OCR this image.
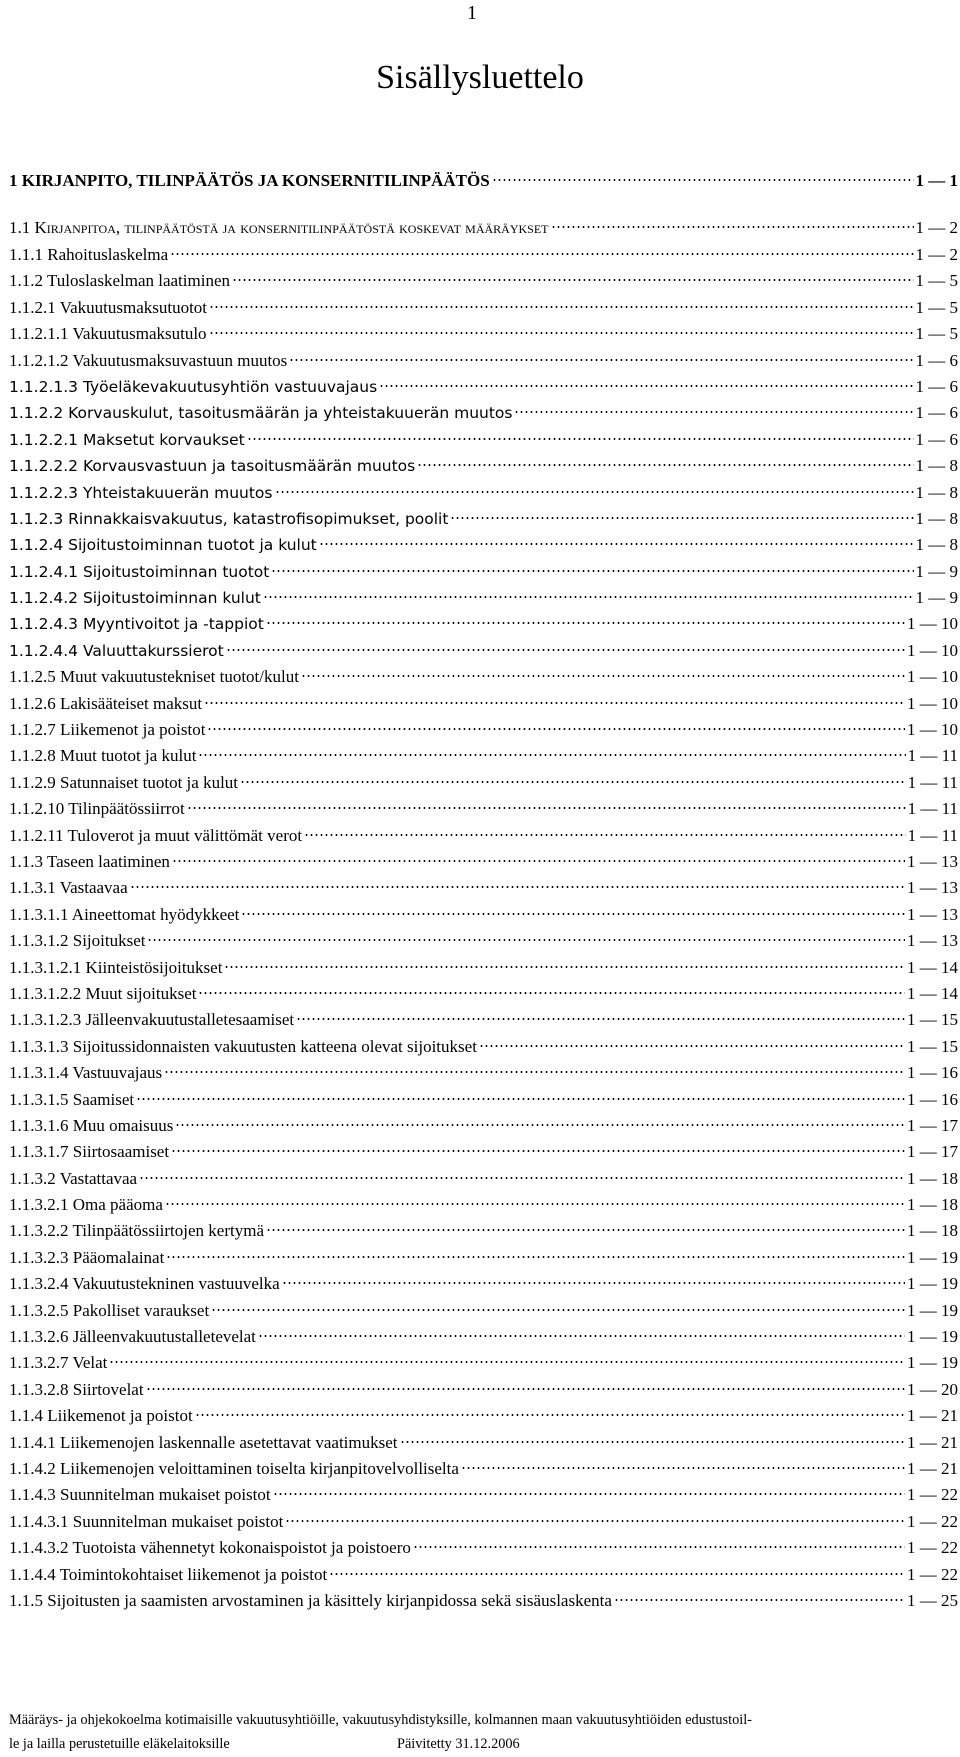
1
Sisällysluettelo
1 KIRJANPITO, TILINPÄÄTÖS JA KONSERNITILINPÄÄTÖS	1 — 1
1.1 Kirjanpitoa, tilinpäätöstä ja konsernitilinpäätöstä koskevat määräykset	1 — 2
1.1.1 Rahoituslaskelma	1 — 2
1.1.2 Tuloslaskelman laatiminen	1 — 5
1.1.2.1 Vakuutusmaksutuotot	1 — 5
1.1.2.1.1 Vakuutusmaksutulo	1 — 5
1.1.2.1.2 Vakuutusmaksuvastuun muutos	1 — 6
1.1.2.1.3 Työeläkevakuutusyhtiön vastuuvajaus	1 — 6
1.1.2.2 Korvauskulut, tasoitusmäärän ja yhteistakuuerän muutos	1 — 6
1.1.2.2.1 Maksetut korvaukset	1 — 6
1.1.2.2.2 Korvausvastuun ja tasoitusmäärän muutos	1 — 8
1.1.2.2.3 Yhteistakuuerän muutos	1 — 8
1.1.2.3 Rinnakkaisvakuutus, katastrofisopimukset, poolit	1 — 8
1.1.2.4 Sijoitustoiminnan tuotot ja kulut	1 — 8
1.1.2.4.1 Sijoitustoiminnan tuotot	1 — 9
1.1.2.4.2 Sijoitustoiminnan kulut	1 — 9
1.1.2.4.3 Myyntivoitot ja -tappiot	1 — 10
1.1.2.4.4 Valuuttakurssierot	1 — 10
1.1.2.5 Muut vakuutustekniset tuotot/kulut	1 — 10
1.1.2.6 Lakisääteiset maksut	1 — 10
1.1.2.7 Liikemenot ja poistot	1 — 10
1.1.2.8 Muut tuotot ja kulut	1 — 11
1.1.2.9 Satunnaiset tuotot ja kulut	1 — 11
1.1.2.10 Tilinpäätössiirrot	1 — 11
1.1.2.11 Tuloverot ja muut välittömät verot	1 — 11
1.1.3 Taseen laatiminen	1 — 13
1.1.3.1 Vastaavaa	1 — 13
1.1.3.1.1 Aineettomat hyödykkeet	1 — 13
1.1.3.1.2 Sijoitukset	1 — 13
1.1.3.1.2.1 Kiinteistösijoitukset	1 — 14
1.1.3.1.2.2 Muut sijoitukset	1 — 14
1.1.3.1.2.3 Jälleenvakuutustalletesaamiset	1 — 15
1.1.3.1.3 Sijoitussidonnaisten vakuutusten katteena olevat sijoitukset	1 — 15
1.1.3.1.4 Vastuuvajaus	1 — 16
1.1.3.1.5 Saamiset	1 — 16
1.1.3.1.6 Muu omaisuus	1 — 17
1.1.3.1.7 Siirtosaamiset	1 — 17
1.1.3.2 Vastattavaa	1 — 18
1.1.3.2.1 Oma pääoma	1 — 18
1.1.3.2.2 Tilinpäätössiirtojen kertymä	1 — 18
1.1.3.2.3 Pääomalainat	1 — 19
1.1.3.2.4 Vakuutustekninen vastuuvelka	1 — 19
1.1.3.2.5 Pakolliset varaukset	1 — 19
1.1.3.2.6 Jälleenvakuutustalletevelat	1 — 19
1.1.3.2.7 Velat	1 — 19
1.1.3.2.8 Siirtovelat	1 — 20
1.1.4 Liikemenot ja poistot	1 — 21
1.1.4.1 Liikemenojen laskennalle asetettavat vaatimukset	1 — 21
1.1.4.2 Liikemenojen veloittaminen toiselta kirjanpitovelvolliselta	1 — 21
1.1.4.3 Suunnitelman mukaiset poistot	1 — 22
1.1.4.3.1 Suunnitelman mukaiset poistot	1 — 22
1.1.4.3.2 Tuotoista vähennetyt kokonaispoistot ja poistoero	1 — 22
1.1.4.4 Toimintokohtaiset liikemenot ja poistot	1 — 22
1.1.5 Sijoitusten ja saamisten arvostaminen ja käsittely kirjanpidossa sekä sisäuslaskenta	1 — 25
Määräys- ja ohjekokoelma kotimaisille vakuutusyhtiöille, vakuutusyhdistyksille, kolmannen maan vakuutusyhtiöiden edustustoil-
le ja lailla perustetuille eläkelaitoksille	Päivitetty 31.12.2006
